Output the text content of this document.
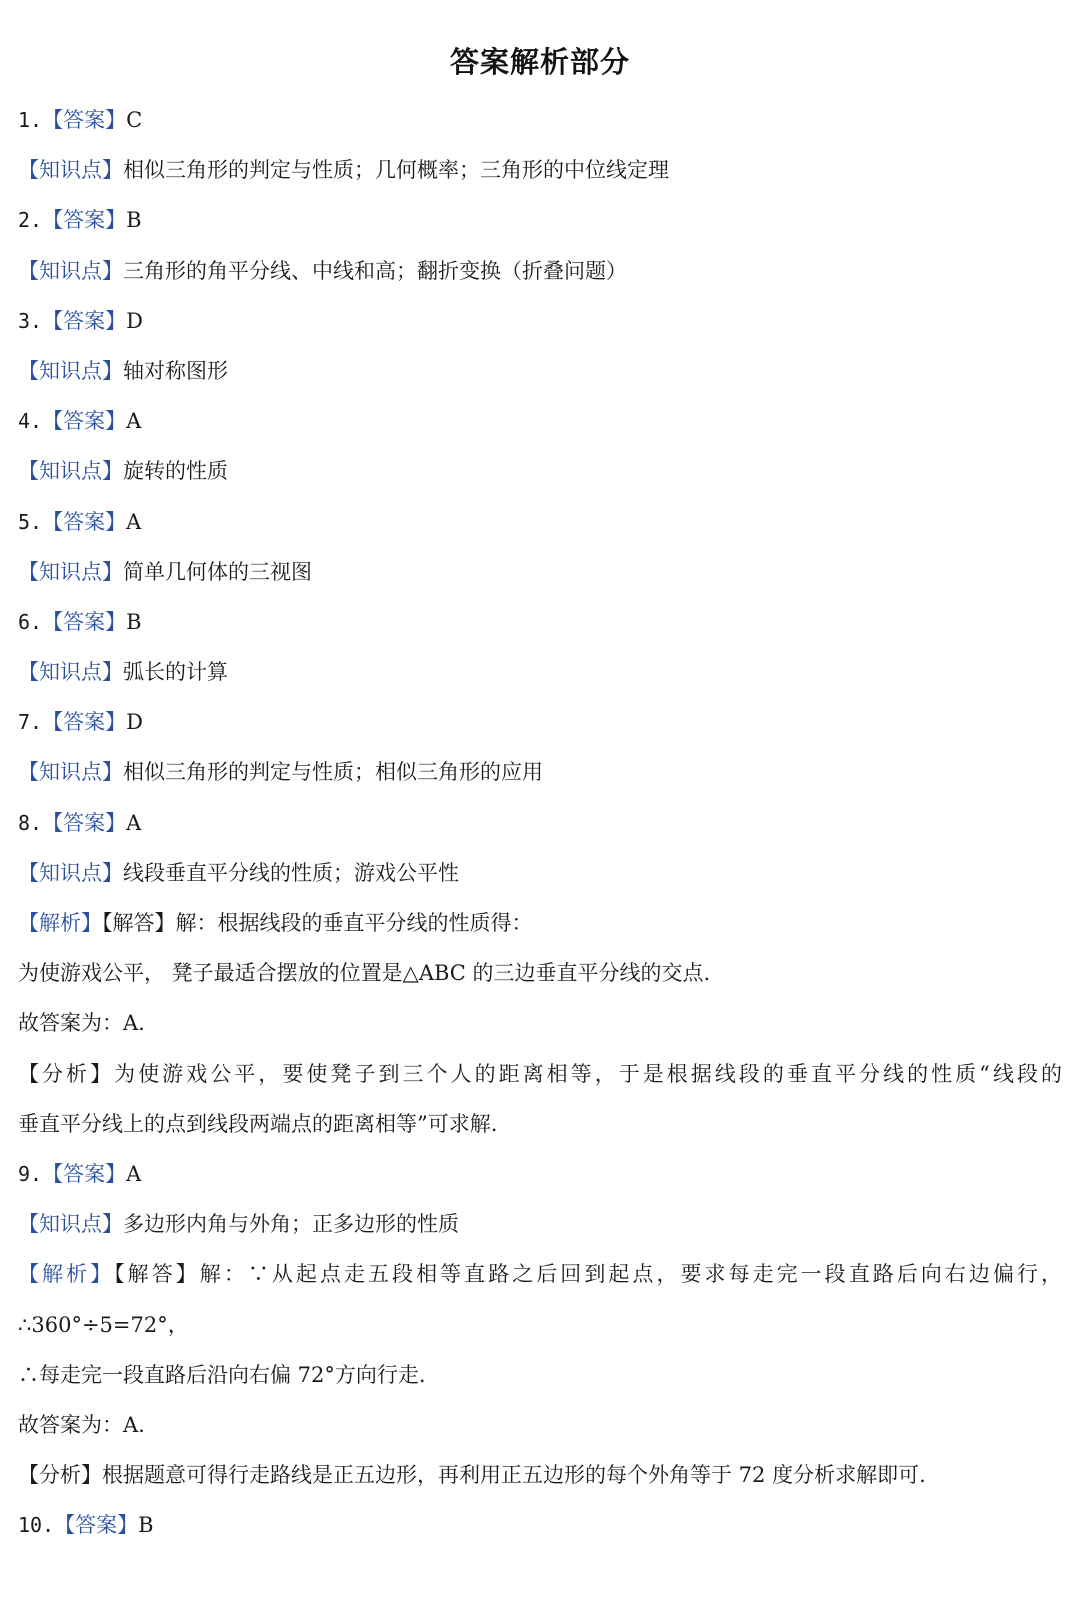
答案解析部分
1.【答案】C
【知识点】相似三角形的判定与性质；几何概率；三角形的中位线定理
2.【答案】B
【知识点】三角形的角平分线、中线和高；翻折变换（折叠问题）
3.【答案】D
【知识点】轴对称图形
4.【答案】A
【知识点】旋转的性质
5.【答案】A
【知识点】简单几何体的三视图
6.【答案】B
【知识点】弧长的计算
7.【答案】D
【知识点】相似三角形的判定与性质；相似三角形的应用
8.【答案】A
【知识点】线段垂直平分线的性质；游戏公平性
【解析】【解答】解：根据线段的垂直平分线的性质得：
为使游戏公平， 凳子最适合摆放的位置是△ABC 的三边垂直平分线的交点.
故答案为：A.
【分析】为使游戏公平，要使凳子到三个人的距离相等，于是根据线段的垂直平分线的性质“线段的
垂直平分线上的点到线段两端点的距离相等”可求解.
9.【答案】A
【知识点】多边形内角与外角；正多边形的性质
【解析】【解答】解：∵从起点走五段相等直路之后回到起点，要求每走完一段直路后向右边偏行，
∴360°÷5=72°，
∴每走完一段直路后沿向右偏 72°方向行走.
故答案为：A.
【分析】根据题意可得行走路线是正五边形，再利用正五边形的每个外角等于 72 度分析求解即可.
10.【答案】B
